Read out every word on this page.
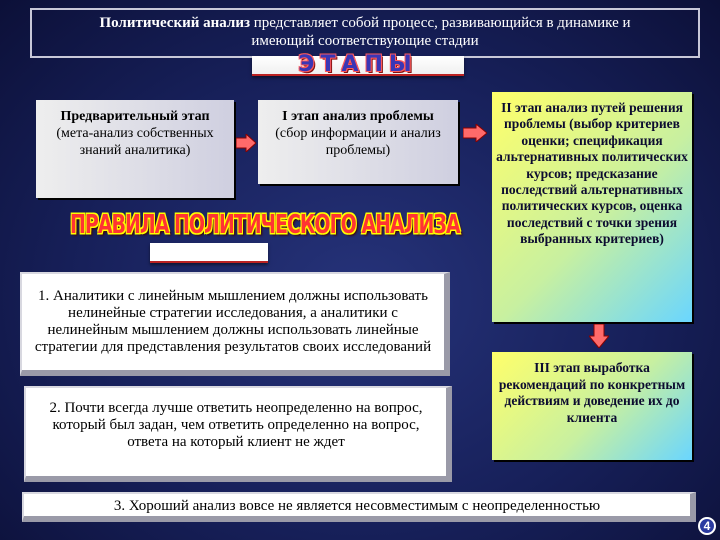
Политический анализ представляет собой процесс, развивающийся в динамике и
имеющий соответствующие стадии
ЭТАПЫ
Предварительный этап
(мета-анализ собственных знаний аналитика)
I этап анализ проблемы
(сбор информации и анализ проблемы)
II этап анализ путей решения проблемы (выбор критериев оценки; спецификация альтернативных политических курсов; предсказание последствий альтернативных политических курсов, оценка последствий с точки зрения выбранных критериев)
III этап выработка рекомендаций по конкретным действиям и доведение их до клиента
ПРАВИЛА ПОЛИТИЧЕСКОГО АНАЛИЗА
1. Аналитики с линейным мышлением должны использовать нелинейные стратегии исследования, а аналитики с нелинейным мышлением должны использовать линейные стратегии для представления результатов своих исследований
2. Почти всегда лучше ответить неопределенно на вопрос, который был задан, чем ответить определенно на вопрос, ответа на который клиент не ждет
3. Хороший анализ вовсе не является несовместимым с неопределенностью
4
